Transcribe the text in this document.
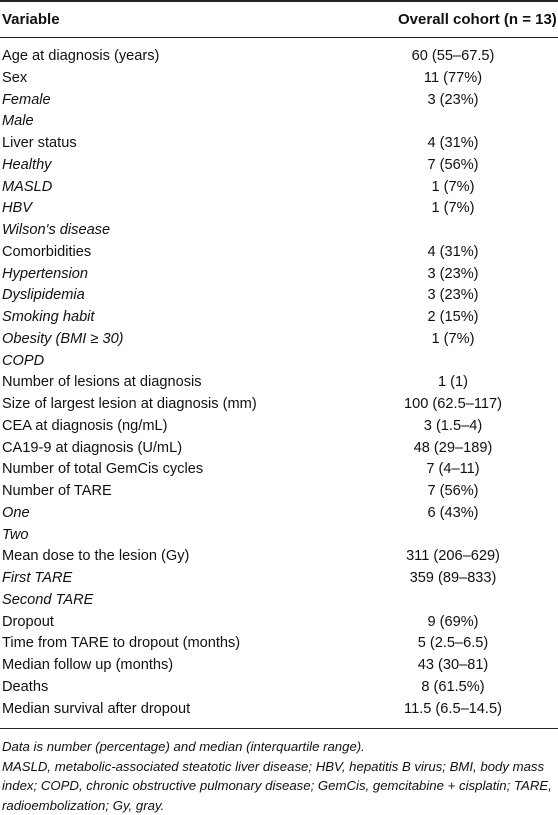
Variable	Overall cohort (n = 13)
Age at diagnosis (years)	60 (55–67.5)
Sex	11 (77%)
Female	3 (23%)
Male
Liver status	4 (31%)
Healthy	7 (56%)
MASLD	1 (7%)
HBV	1 (7%)
Wilson's disease
Comorbidities	4 (31%)
Hypertension	3 (23%)
Dyslipidemia	3 (23%)
Smoking habit	2 (15%)
Obesity (BMI ≥ 30)	1 (7%)
COPD
Number of lesions at diagnosis	1 (1)
Size of largest lesion at diagnosis (mm)	100 (62.5–117)
CEA at diagnosis (ng/mL)	3 (1.5–4)
CA19-9 at diagnosis (U/mL)	48 (29–189)
Number of total GemCis cycles	7 (4–11)
Number of TARE	7 (56%)
One	6 (43%)
Two
Mean dose to the lesion (Gy)	311 (206–629)
First TARE	359 (89–833)
Second TARE
Dropout	9 (69%)
Time from TARE to dropout (months)	5 (2.5–6.5)
Median follow up (months)	43 (30–81)
Deaths	8 (61.5%)
Median survival after dropout	11.5 (6.5–14.5)

Data is number (percentage) and median (interquartile range).

MASLD, metabolic-associated steatotic liver disease; HBV, hepatitis B virus; BMI, body mass index; COPD, chronic obstructive pulmonary disease; GemCis, gemcitabine + cisplatin; TARE, radioembolization; Gy, gray.
